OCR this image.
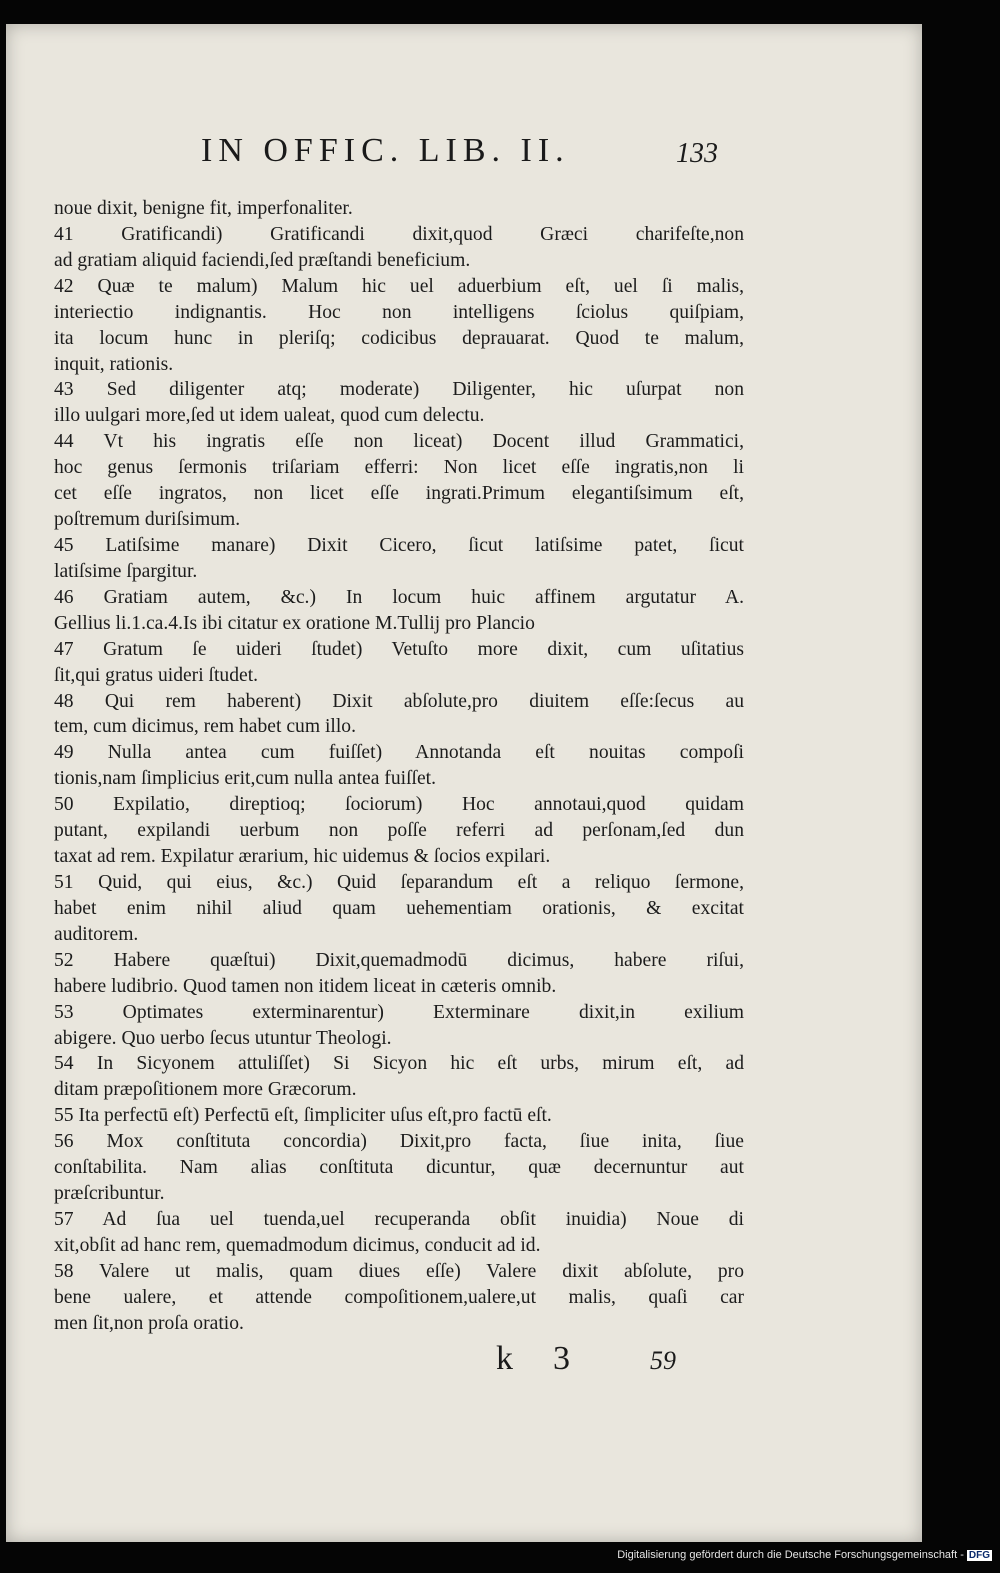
IN OFFIC. LIB. II.	133
noue dixit, benigne fit, imperfonaliter.
41 Gratificandi) Gratificandi dixit,quod Græci charifeſte,non
ad gratiam aliquid faciendi,ſed præſtandi beneficium.
42 Quæ te malum) Malum hic uel aduerbium eſt, uel ſi malis,
interiectio indignantis. Hoc non intelligens ſciolus quiſpiam,
ita locum hunc in pleriſq; codicibus deprauarat. Quod te malum,
inquit, rationis.
43 Sed diligenter atq; moderate) Diligenter, hic uſurpat non
illo uulgari more,ſed ut idem ualeat, quod cum delectu.
44 Vt his ingratis eſſe non liceat) Docent illud Grammatici,
hoc genus ſermonis triſariam efferri: Non licet eſſe ingratis,non li
cet eſſe ingratos, non licet eſſe ingrati.Primum elegantiſsimum eſt,
poſtremum duriſsimum.
45 Latiſsime manare) Dixit Cicero, ſicut latiſsime patet, ſicut
latiſsime ſpargitur.
46 Gratiam autem, &c.) In locum huic affinem argutatur A.
Gellius li.1.ca.4.Is ibi citatur ex oratione M.Tullij pro Plancio
47 Gratum ſe uideri ſtudet) Vetuſto more dixit, cum uſitatius
ſit,qui gratus uideri ſtudet.
48 Qui rem haberent) Dixit abſolute,pro diuitem eſſe:ſecus au
tem, cum dicimus, rem habet cum illo.
49 Nulla antea cum fuiſſet) Annotanda eſt nouitas compoſi
tionis,nam ſimplicius erit,cum nulla antea fuiſſet.
50 Expilatio, direptioq; ſociorum) Hoc annotaui,quod quidam
putant, expilandi uerbum non poſſe referri ad perſonam,ſed dun
taxat ad rem. Expilatur ærarium, hic uidemus & ſocios expilari.
51 Quid, qui eius, &c.) Quid ſeparandum eſt a reliquo ſermone,
habet enim nihil aliud quam uehementiam orationis, & excitat
auditorem.
52 Habere quæſtui) Dixit,quemadmodū dicimus, habere riſui,
habere ludibrio. Quod tamen non itidem liceat in cæteris omnib.
53 Optimates exterminarentur) Exterminare dixit,in exilium
abigere. Quo uerbo ſecus utuntur Theologi.
54 In Sicyonem attuliſſet) Si Sicyon hic eſt urbs, mirum eſt, ad
ditam præpoſitionem more Græcorum.
55 Ita perfectū eſt) Perfectū eſt, ſimpliciter uſus eſt,pro factū eſt.
56 Mox conſtituta concordia) Dixit,pro facta, ſiue inita, ſiue
conſtabilita. Nam alias conſtituta dicuntur, quæ decernuntur aut
præſcribuntur.
57 Ad ſua uel tuenda,uel recuperanda obſit inuidia) Noue di
xit,obſit ad hanc rem, quemadmodum dicimus, conducit ad id.
58 Valere ut malis, quam diues eſſe) Valere dixit abſolute, pro
bene ualere, et attende compoſitionem,ualere,ut malis, quaſi car
men ſit,non proſa oratio.
k3 59
Digitalisierung gefördert durch die Deutsche Forschungsgemeinschaft - DFG
